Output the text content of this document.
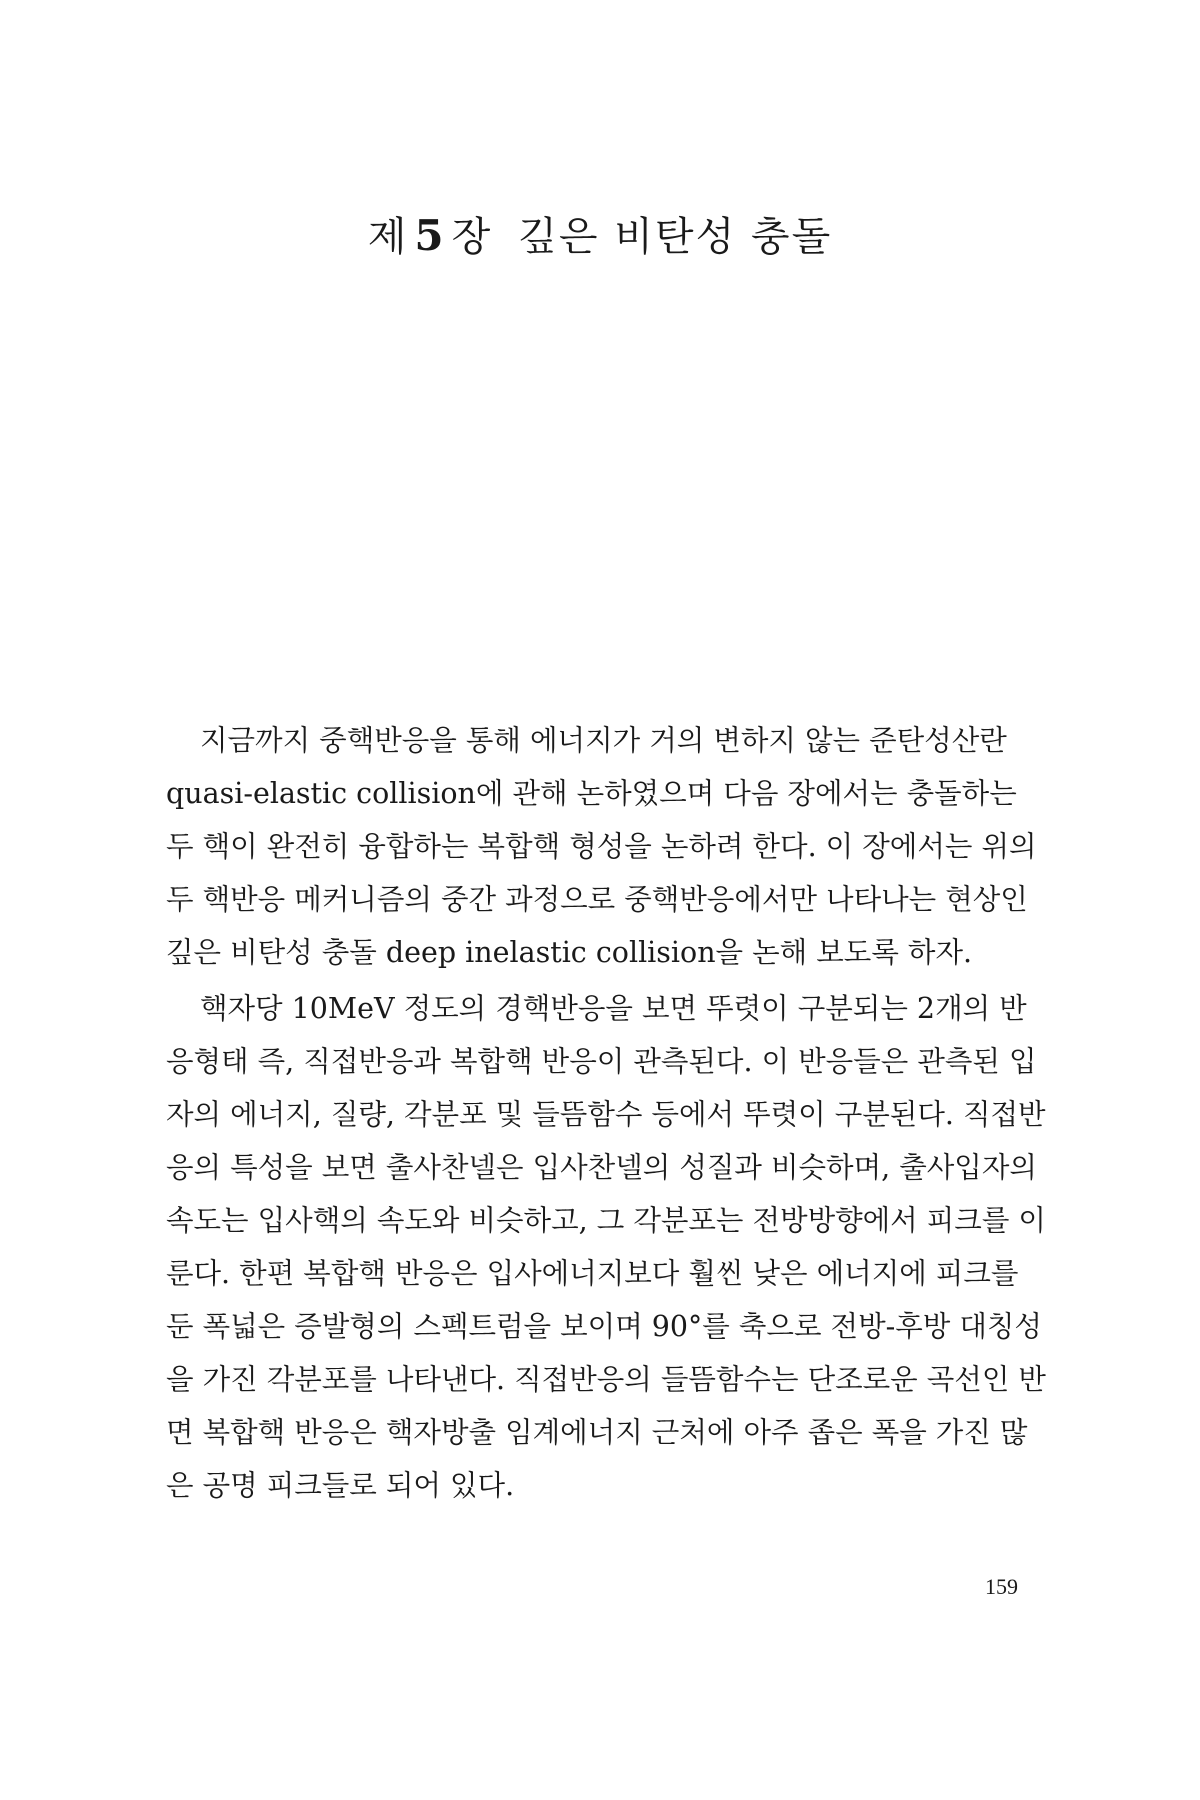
제 5 장 깊은 비탄성 충돌

지금까지 중핵반응을 통해 에너지가 거의 변하지 않는 준탄성산란 quasi-elastic collision에 관해 논하였으며 다음 장에서는 충돌하는 두 핵이 완전히 융합하는 복합핵 형성을 논하려 한다. 이 장에서는 위의 두 핵반응 메커니즘의 중간 과정으로 중핵반응에서만 나타나는 현상인 깊은 비탄성 충돌 deep inelastic collision을 논해 보도록 하자.

핵자당 10MeV 정도의 경핵반응을 보면 뚜렷이 구분되는 2개의 반응형태 즉, 직접반응과 복합핵 반응이 관측된다. 이 반응들은 관측된 입자의 에너지, 질량, 각분포 및 들뜸함수 등에서 뚜렷이 구분된다. 직접반응의 특성을 보면 출사찬넬은 입사찬넬의 성질과 비슷하며, 출사입자의 속도는 입사핵의 속도와 비슷하고, 그 각분포는 전방방향에서 피크를 이룬다. 한편 복합핵 반응은 입사에너지보다 훨씬 낮은 에너지에 피크를 둔 폭넓은 증발형의 스펙트럼을 보이며 90°를 축으로 전방-후방 대칭성을 가진 각분포를 나타낸다. 직접반응의 들뜸함수는 단조로운 곡선인 반면 복합핵 반응은 핵자방출 임계에너지 근처에 아주 좁은 폭을 가진 많은 공명 피크들로 되어 있다.

159
